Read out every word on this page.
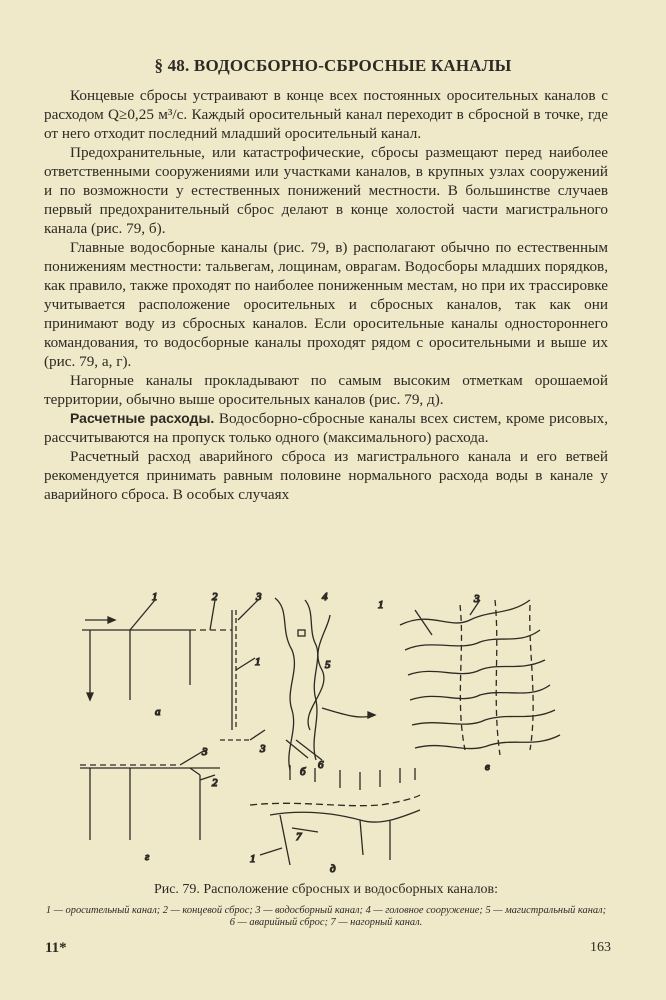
§ 48. ВОДОСБОРНО-СБРОСНЫЕ КАНАЛЫ

Концевые сбросы устраивают в конце всех постоянных оросительных каналов с расходом Q≥0,25 м³/с. Каждый оросительный канал переходит в сбросной в точке, где от него отходит последний младший оросительный канал.

Предохранительные, или катастрофические, сбросы размещают перед наиболее ответственными сооружениями или участками каналов, в крупных узлах сооружений и по возможности у естественных понижений местности. В большинстве случаев первый предохранительный сброс делают в конце холостой части магистрального канала (рис. 79, б).

Главные водосборные каналы (рис. 79, в) располагают обычно по естественным понижениям местности: тальвегам, лощинам, оврагам. Водосборы младших порядков, как правило, также проходят по наиболее пониженным местам, но при их трассировке учитывается расположение оросительных и сбросных каналов, так как они принимают воду из сбросных каналов. Если оросительные каналы одностороннего командования, то водосборные каналы проходят рядом с оросительными и выше их (рис. 79, а, г).

Нагорные каналы прокладывают по самым высоким отметкам орошаемой территории, обычно выше оросительных каналов (рис. 79, д).

Расчетные расходы. Водосборно-сбросные каналы всех систем, кроме рисовых, рассчитываются на пропуск только одного (максимального) расхода.

Расчетный расход аварийного сброса из магистрального канала и его ветвей рекомендуется принимать равным половине нормального расхода воды в канале у аварийного сброса. В особых случаях

1	2	3	4
5
6
7
1
3
2
3
1
1	3
а
б	в
г
д

Рис. 79. Расположение сбросных и водосборных каналов:

1 — оросительный канал; 2 — концевой сброс; 3 — водосборный канал; 4 — головное сооружение; 5 — магистральный канал; 6 — аварийный сброс; 7 — нагорный канал.

11*	163
